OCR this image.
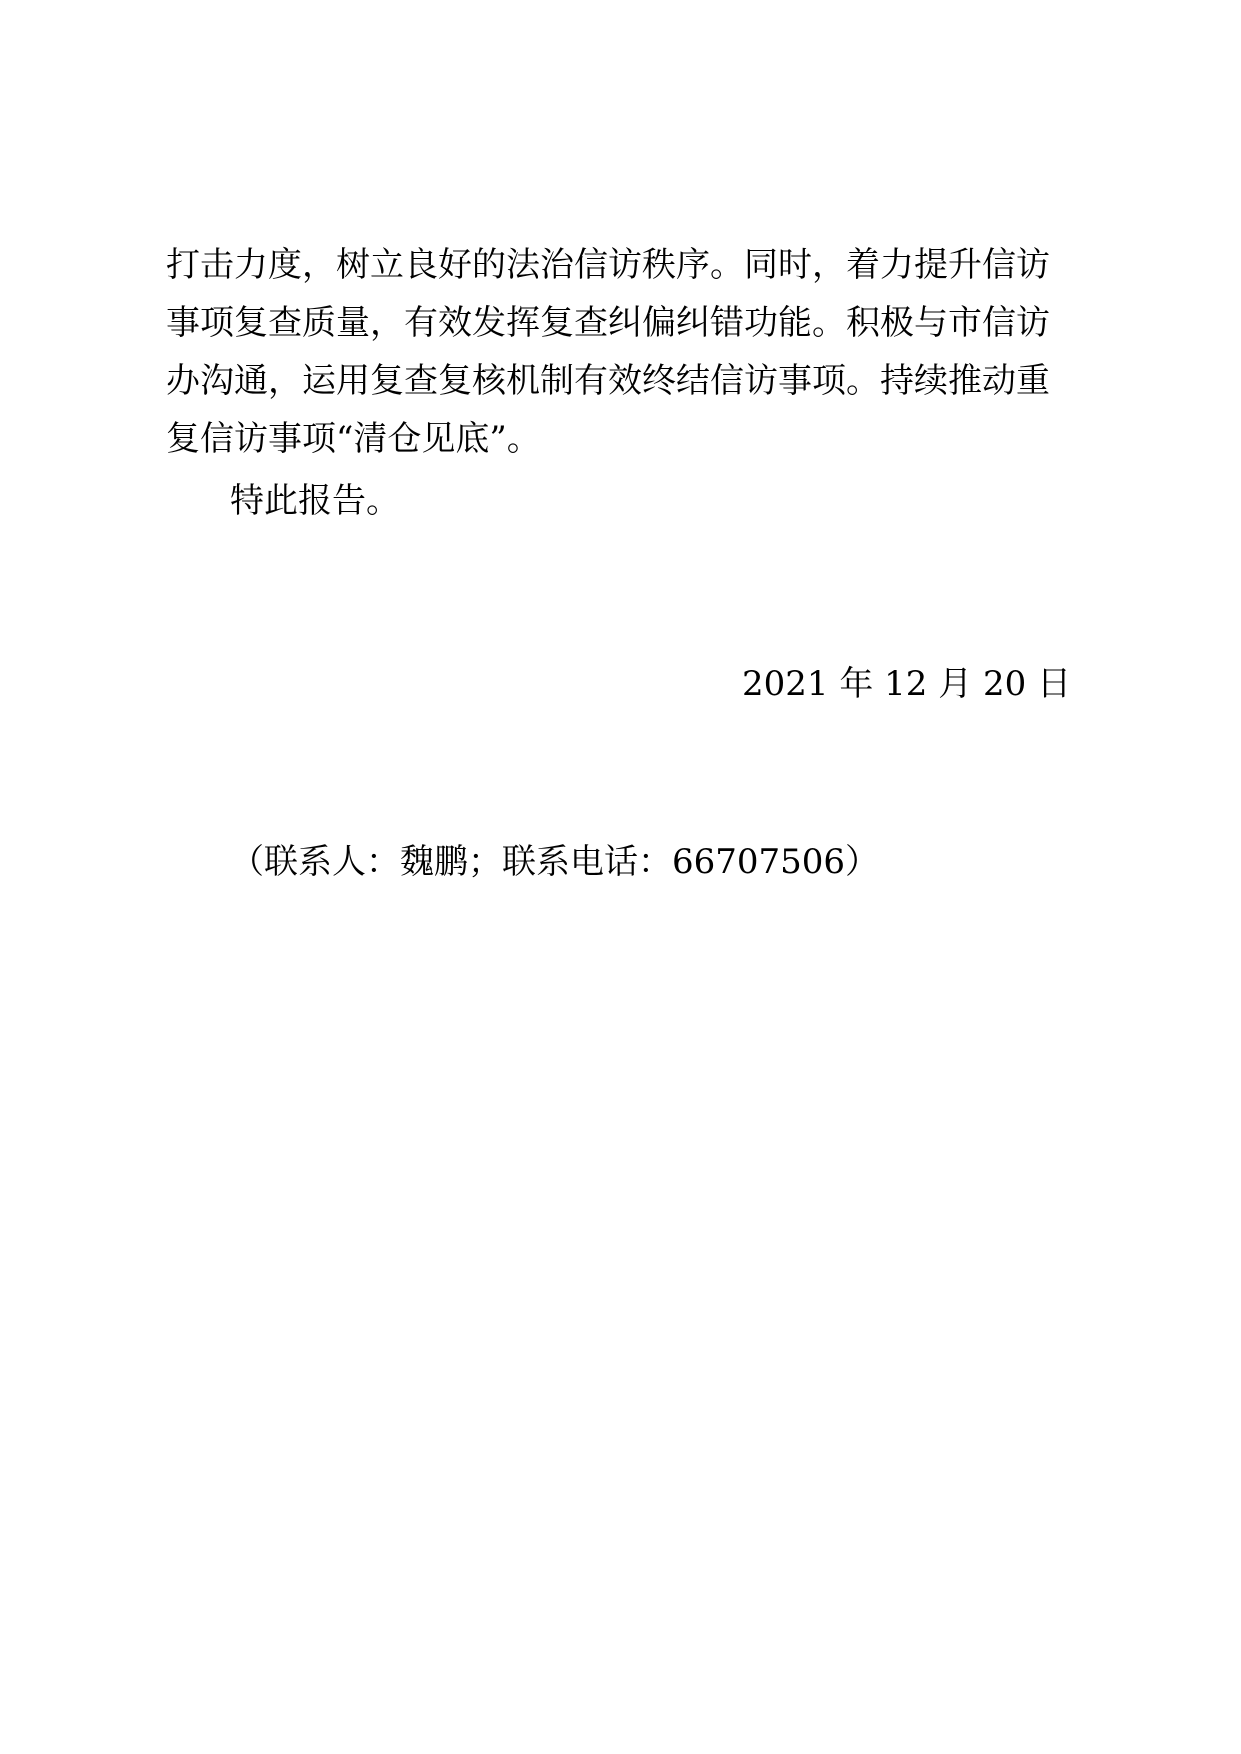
打击力度，树立良好的法治信访秩序。同时，着力提升信访
事项复查质量，有效发挥复查纠偏纠错功能。积极与市信访
办沟通，运用复查复核机制有效终结信访事项。持续推动重
复信访事项“清仓见底”。
特此报告。
2021 年 12 月 20 日
（联系人：魏鹏；联系电话：66707506）
